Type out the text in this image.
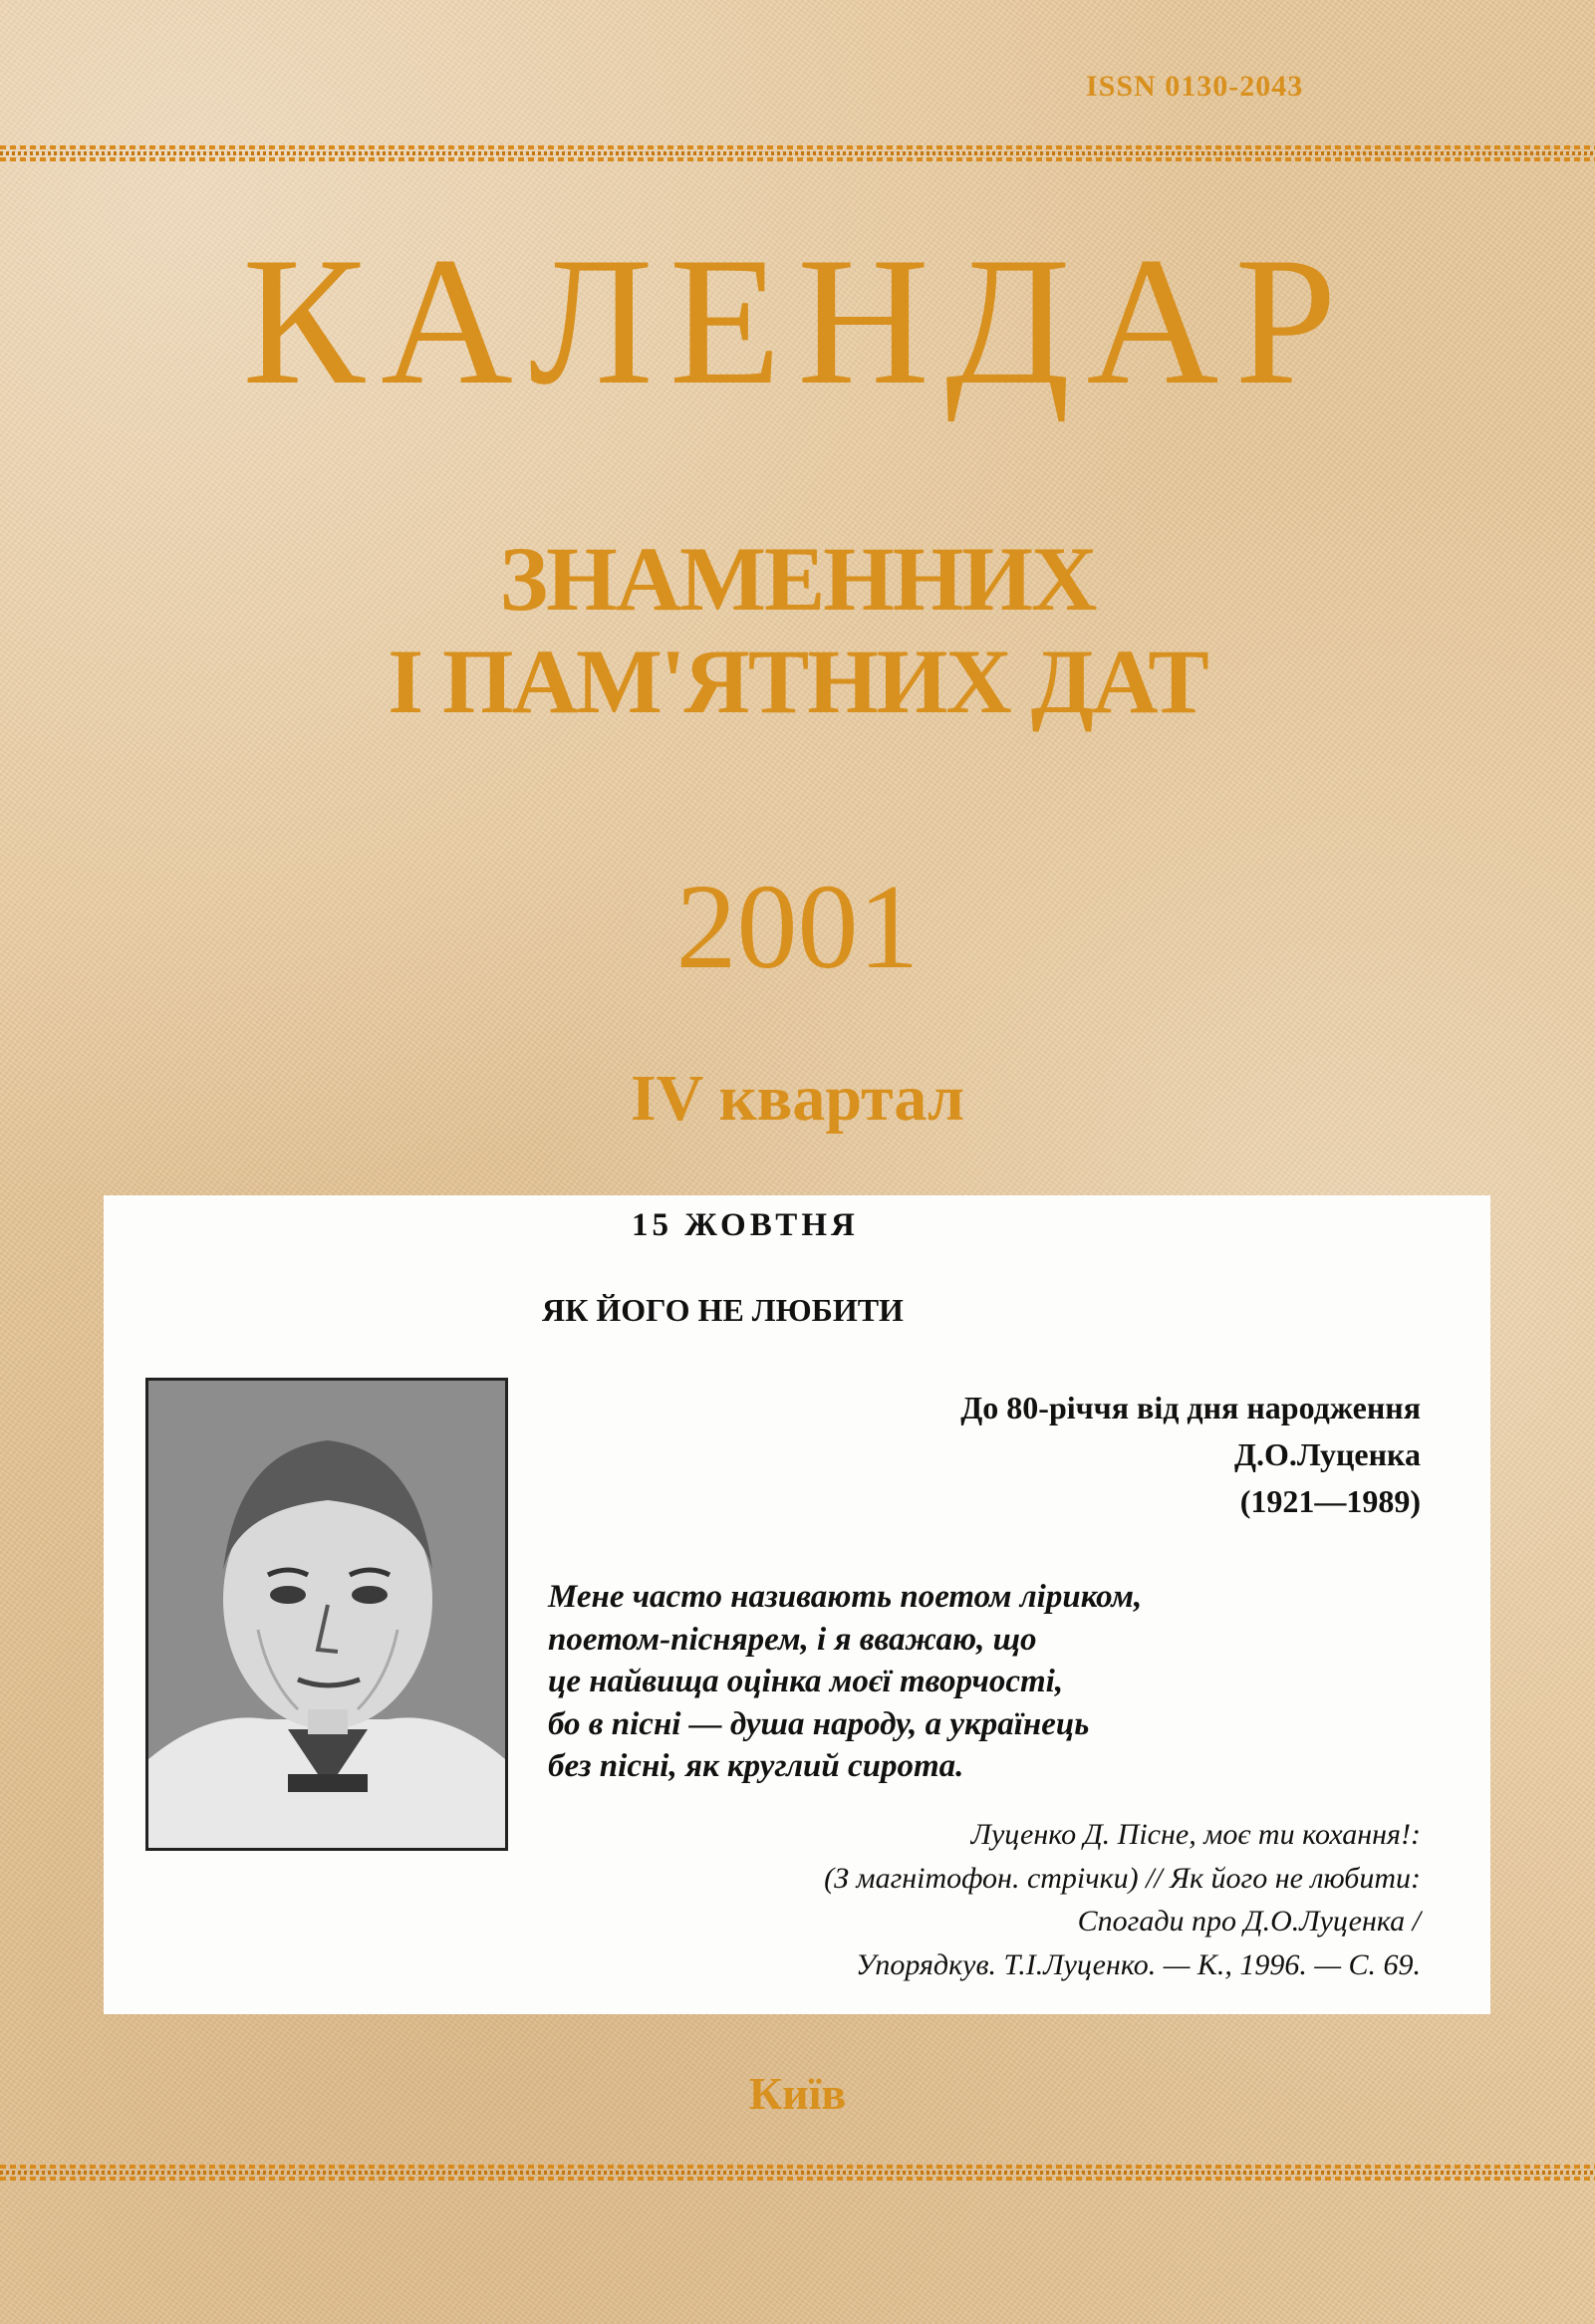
ISSN 0130-2043
КАЛЕНДАР
ЗНАМЕННИХ
І ПАМ'ЯТНИХ ДАТ
2001
IV квартал
15 ЖОВТНЯ
ЯК ЙОГО НЕ ЛЮБИТИ
До 80-річчя від дня народження
Д.О.Луценка
(1921—1989)
Мене часто називають поетом ліриком,
поетом-піснярем, і я вважаю, що
це найвища оцінка моєї творчості,
бо в пісні — душа народу, а українець
без пісні, як круглий сирота.
Луценко Д. Пісне, моє ти кохання!:
(З магнітофон. стрічки) // Як його не любити:
Спогади про Д.О.Луценка /
Упорядкув. Т.І.Луценко. — К., 1996. — С. 69.
Київ
